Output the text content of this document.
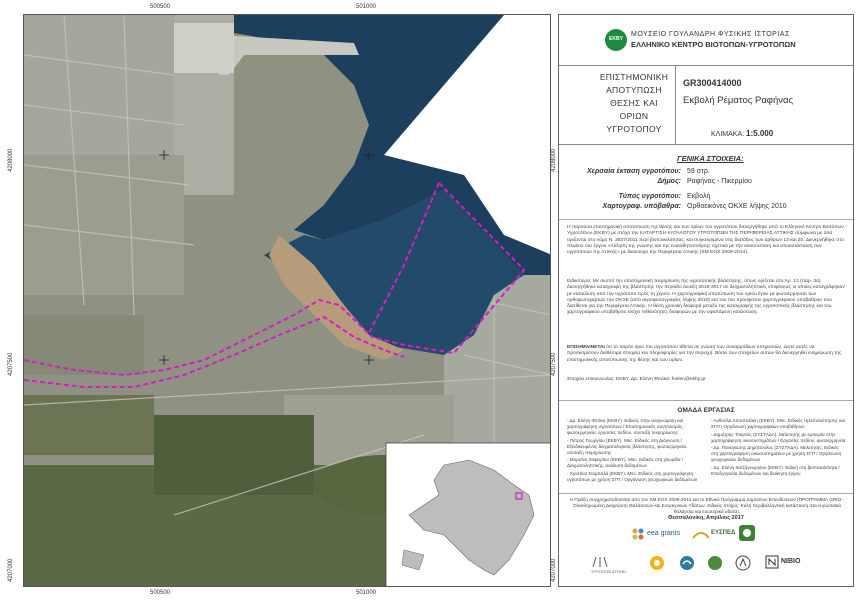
500500	501000
500500	501000
4208000
4207500
4207000
4208000
4207500
4207000
ΕΚΒΥ
ΜΟΥΣΕΙΟ ΓΟΥΛΑΝΔΡΗ ΦΥΣΙΚΗΣ ΙΣΤΟΡΙΑΣ
ΕΛΛΗΝΙΚΟ ΚΕΝΤΡΟ ΒΙΟΤΟΠΩΝ-ΥΓΡΟΤΟΠΩΝ
ΕΠΙΣΤΗΜΟΝΙΚΗ
ΑΠΟΤΥΠΩΣΗ
ΘΕΣΗΣ ΚΑΙ
ΟΡΙΩΝ
ΥΓΡΟΤΟΠΟΥ
GR300414000
Εκβολή Ρέματος Ραφήνας
ΚΛΙΜΑΚΑ: 1:5.000
ΓΕΝΙΚΑ ΣΤΟΙΧΕΙΑ:
Χερσαία έκταση υγροτόπου: 59 στρ.
Δήμος: Ραφήνας - Πικερμίου
Τύπος υγροτόπου: Εκβολή
Χαρτογραφ. υπόβαθρα: Ορθοεικόνες ΟΚΧΕ λήψης 2010
Η παρούσα επιστημονική αποτύπωση της θέσης και των ορίων του υγροτόπου διενεργήθηκε από το Ελληνικό Κέντρο Βιοτόπων - Υγροτόπων (ΕΚΒΥ) με στόχο την ΚΑΤΑΡΤΙΣΗ ΚΑΤΑΛΟΓΟΥ ΥΓΡΟΤΟΠΩΝ ΤΗΣ ΠΕΡΙΦΕΡΕΙΑΣ ΑΤΤΙΚΗΣ σύμφωνα με όσα ορίζονται στο νόμο Ν. 3937/2011 περί βιοποικιλότητας, και συγκεκριμένα στις διατάξεις των άρθρων 13 και 20. Διενεργήθηκε στο πλαίσιο του έργου «Αύξηση της γνώσης και της ευαισθητοποίησης σχετικά με την ανασύσταση και αποκατάσταση των υγροτόπων της Αττικής» με δικαιούχο την Περιφέρεια Αττικής (ΧΜ ΕΟΧ 2009-2014).
Ειδικότερα: Με σκοπό την επιστημονική τεκμηρίωση της υγροτοπικής βλάστησης, όπως ορίζεται στο Άρ. 13 (παρ. 3α) διενεργήθηκε καταγραφή της βλάστησης την περίοδο άνοιξη 2016-2017 σε δειγματοληπτικές επιφάνειες οι οποίες καταγράφηκαν με καταύλιση από τον υγρότοπο προς τη χέρσο. Η χαρτογραφική αποτύπωση του ορίου έγινε με φωτοερμηνεία των ορθοφωτοχαρτών του ΟΚΧΕ (από αεροφωτογραφίες λήψης 2010) και του πιο πρόσφατου χαρτογραφικού υποβάθρου που διατίθεται για την Περιφέρεια Αττικής. Η θέση χρονική διαφορά μεταξύ της καταγραφής της υγροτοπικής βλάστησης και του χαρτογραφικού υποβάθρου ενέχει πιθανότητες διαφορών με την υφιστάμενη κατάσταση.
ΕΠΙΣΗΜΑΙΝΕΤΑΙ ότι το παρόν όριο του υγροτόπου τίθεται σε γνώση των συναρμόδιων υπηρεσιών, ώστε αυτές να προσκομίσουν διαθέσιμα στοιχεία και πληροφορίες για την περιοχή. Βάσει των στοιχείων αυτών θα διενεργηθεί ενημέρωση της επιστημονικής αποτύπωσης της θέσης και των ορίων.
Στοιχεία επικοινωνίας: ΕΚΒΥ, Δρ. Ελένη Φιτόκα: fnelen@ekby.gr
ΟΜΑΔΑ ΕΡΓΑΣΙΑΣ
- Δρ. Ελένη Φιτόκα (ΕΚΒΥ). Ειδικός στην αναγνώριση και χαρτογράφηση υγροτόπων / Επιστημονικός συντονισμός, φωτοερμηνεία, εργασίες πεδίου, σύνταξη τεκμηρίωσης
- Πέτρος Γεωργίου (ΕΚΒΥ). Msc. Ειδικός στη Διάγνωση / Εξειδικευμένος δειγματολογικός βλάστησης, φωτοερμηνεία, σύνταξη τεκμηρίωσης
- Μυρσίνη Ζαφειρίου (ΕΚΒΥ). Msc. Ειδικός στη χλωρίδα / Δειγματοληπτικής, ανάλυση δεδομένων
- Χριστίνα Σιαμπαλά (ΕΚΒΥ). Msc. Ειδικός στη χαρτογράφηση υγροτόπων με χρήση ΣΓΠ / Οργάνωση γεωχωρικών δεδομένων
- Ανθούλα Αποστολάκη (ΕΚΒΥ). Msc. Ειδικός τηλεπισκόπησης και ΣΓΠ / Οργάνωση χαρτογραφικών υποβάθρων
- Δημήτρης Τσαρτάς (ΣΥΣΤΑΔΑ). Μελετητής με εμπειρία στην χαρτογράφηση οικοσυστημάτων / Εργασίες πεδίου, φωτοερμηνεία
- Δρ. Παναγιώτης Δημόπουλος (ΣΥΣΤΑΔΑ). Μελετητής, Ειδικός στη χαρτογράφηση οικοσυστημάτων με χρήση ΣΓΠ / Οργάνωση γεωχωρικών δεδομένων
- Δρ. Ελένη Χατζηγεωργίου (ΕΚΒΥ). Ειδική στη βιοποικιλότητα / Επεξεργασία δεδομένων και διοίκηση έργου
Η Πράξη συγχρηματοδοτείται από τον ΧΜ ΕΟΧ 2009-2014 και το Εθνικό Πρόγραμμα Δημοσίων Επενδύσεων (ΠΡΟΓΡΑΜΜΑ GR02 - Ολοκληρωμένη Διαχείριση Θαλάσσιων και Εσωτερικών Υδάτων. Ειδικός στόχος: Καλή περιβαλλοντική κατάσταση στα ευρωπαϊκά θαλάσσια και εσωτερικά ύδατα).
Θεσσαλονίκη, Απρίλιος 2017
eea grants	ΕΥΣΠΕΔ
ΥΓΡΟΤΟΠΟΙ ΑΤΤΙΚΗΣ
NIBIO
